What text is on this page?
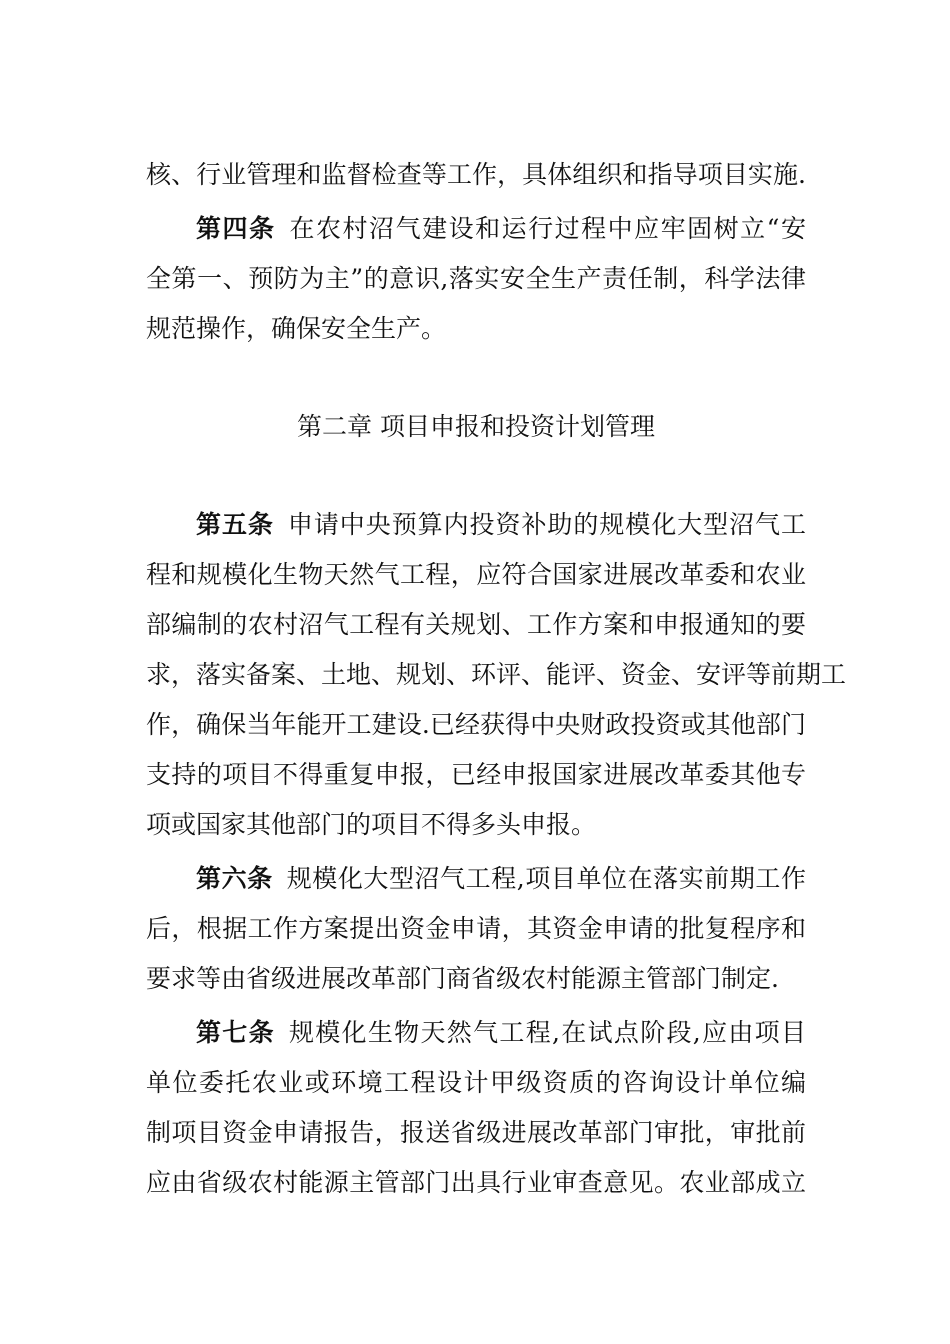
核、行业管理和监督检查等工作，具体组织和指导项目实施.
第四条 在农村沼气建设和运行过程中应牢固树立“安
全第一、预防为主”的意识,落实安全生产责任制，科学法律
规范操作，确保安全生产。
第二章 项目申报和投资计划管理
第五条 申请中央预算内投资补助的规模化大型沼气工
程和规模化生物天然气工程，应符合国家进展改革委和农业
部编制的农村沼气工程有关规划、工作方案和申报通知的要
求，落实备案、土地、规划、环评、能评、资金、安评等前期工
作，确保当年能开工建设.已经获得中央财政投资或其他部门
支持的项目不得重复申报，已经申报国家进展改革委其他专
项或国家其他部门的项目不得多头申报。
第六条 规模化大型沼气工程,项目单位在落实前期工作
后，根据工作方案提出资金申请，其资金申请的批复程序和
要求等由省级进展改革部门商省级农村能源主管部门制定.
第七条 规模化生物天然气工程,在试点阶段,应由项目
单位委托农业或环境工程设计甲级资质的咨询设计单位编
制项目资金申请报告，报送省级进展改革部门审批，审批前
应由省级农村能源主管部门出具行业审查意见。农业部成立
